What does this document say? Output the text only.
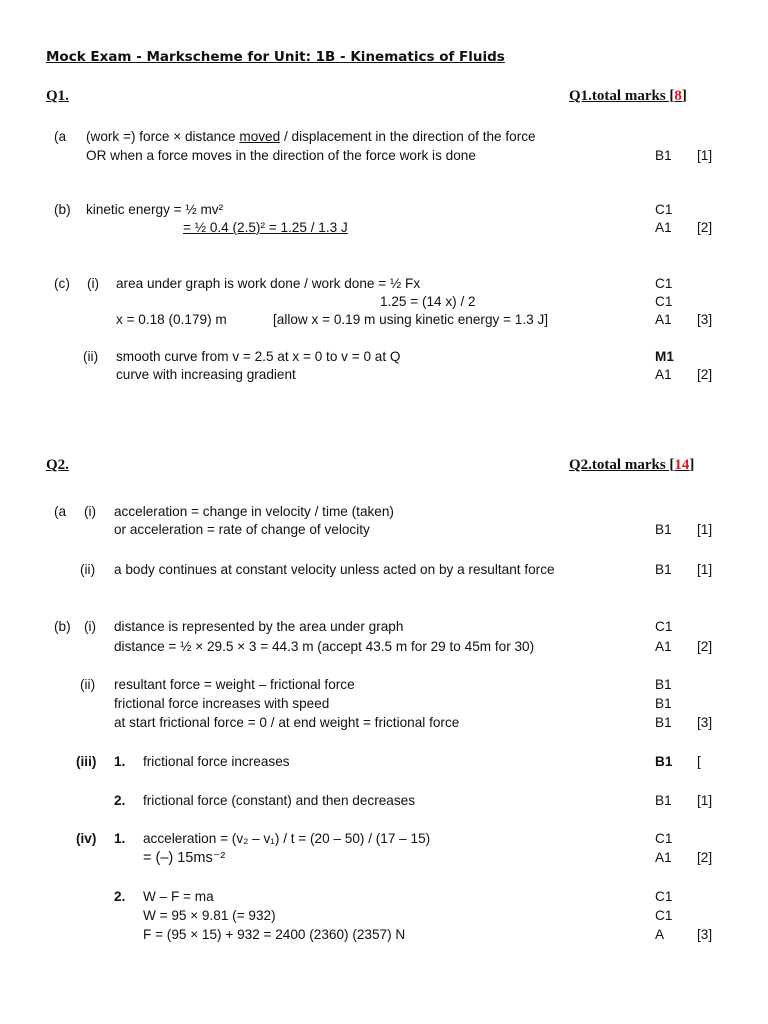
Mock Exam - Markscheme for Unit: 1B - Kinematics of Fluids
Q1.	Q1.total marks [8]
(a (work =) force × distance moved / displacement in the direction of the force
OR when a force moves in the direction of the force work is done	B1 [1]
(b) kinetic energy = ½ mv²	C1
= ½ 0.4 (2.5)² = 1.25 / 1.3 J	A1 [2]
(c) (i) area under graph is work done / work done = ½ Fx	C1
1.25 = (14 x) / 2	C1
x = 0.18 (0.179) m	[allow x = 0.19 m using kinetic energy = 1.3 J]	A1 [3]
(ii) smooth curve from v = 2.5 at x = 0 to v = 0 at Q	M1
curve with increasing gradient	A1 [2]
Q2.	Q2.total marks [14]
(a (i) acceleration = change in velocity / time (taken)
or acceleration = rate of change of velocity	B1 [1]
(ii) a body continues at constant velocity unless acted on by a resultant force	B1 [1]
(b) (i) distance is represented by the area under graph	C1
distance = ½ × 29.5 × 3 = 44.3 m (accept 43.5 m for 29 to 45m for 30)	A1 [2]
(ii) resultant force = weight – frictional force	B1
frictional force increases with speed	B1
at start frictional force = 0 / at end weight = frictional force	B1 [3]
(iii) 1. frictional force increases	B1 [
2. frictional force (constant) and then decreases	B1 [1]
(iv) 1. acceleration = (v₂ – v₁) / t = (20 – 50) / (17 – 15)	C1
= (–) 15ms⁻²	A1 [2]
2. W – F = ma	C1
W = 95 × 9.81 (= 932)	C1
F = (95 × 15) + 932 = 2400 (2360) (2357) N	A [3]
